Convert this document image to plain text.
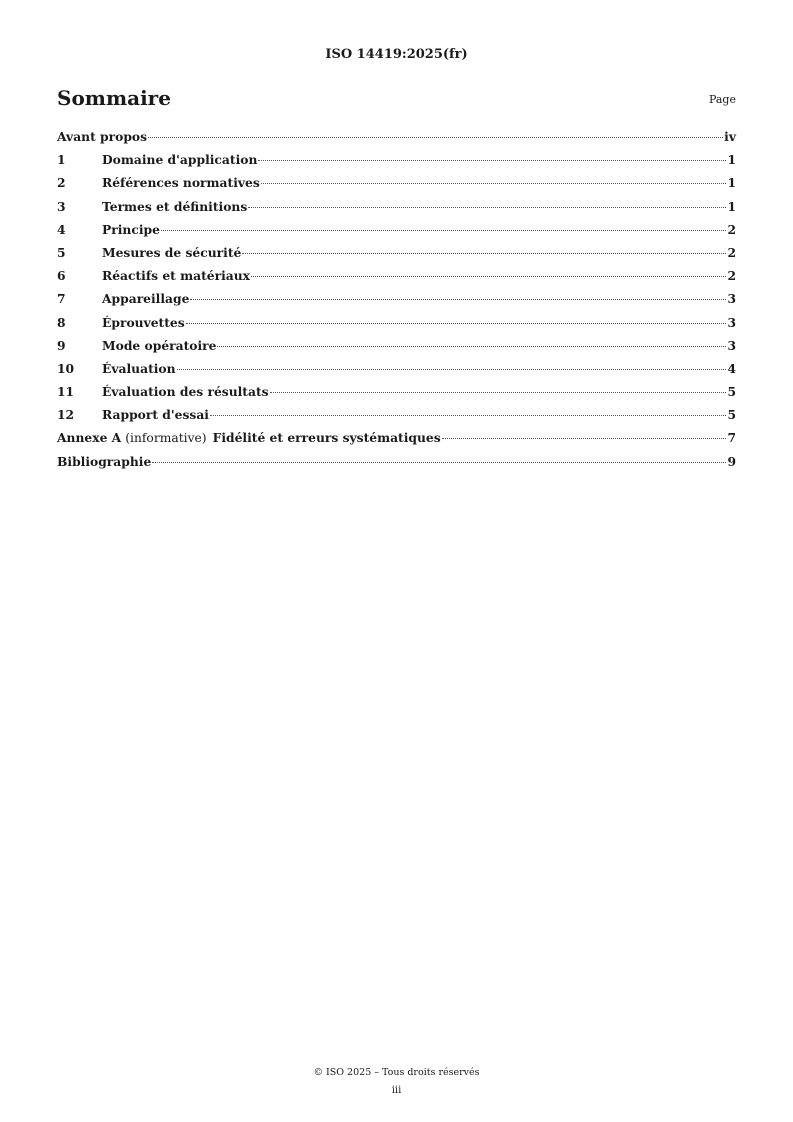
ISO 14419:2025(fr)
Sommaire	Page
Avant propos	iv
1	Domaine d'application	1
2	Références normatives	1
3	Termes et définitions	1
4	Principe	2
5	Mesures de sécurité	2
6	Réactifs et matériaux	2
7	Appareillage	3
8	Éprouvettes	3
9	Mode opératoire	3
10	Évaluation	4
11	Évaluation des résultats	5
12	Rapport d'essai	5
Annexe A (informative) Fidélité et erreurs systématiques	7
Bibliographie	9
© ISO 2025 – Tous droits réservés
iii
